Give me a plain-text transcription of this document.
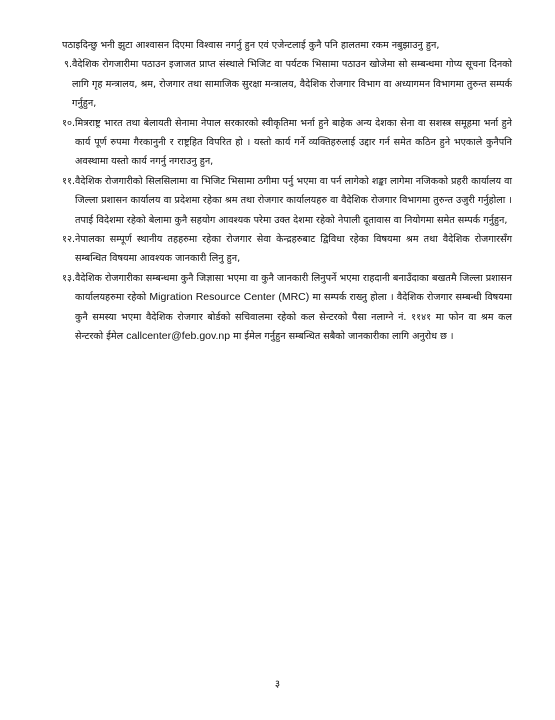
पठाइदिन्छु भनी झुटा आश्वासन दिएमा विश्वास नगर्नु हुन एवं एजेन्टलाई कुनै पनि हालतमा रकम नबुझाउनु हुन,

९. वैदेशिक रोगजारीमा पठाउन इजाजत प्राप्त संस्थाले भिजिट वा पर्यटक भिसामा पठाउन खोजेमा सो सम्बन्धमा गोप्य सूचना दिनको लागि गृह मन्त्रालय, श्रम, रोजगार तथा सामाजिक सुरक्षा मन्त्रालय, वैदेशिक रोजगार विभाग वा अध्यागमन विभागमा तुरुन्त सम्पर्क गर्नुहुन,
१०. मित्रराष्ट्र भारत तथा बेलायती सेनामा नेपाल सरकारको स्वीकृतिमा भर्ना हुने बाहेक अन्य देशका सेना वा सशस्त्र समूहमा भर्ना हुने कार्य पूर्ण रुपमा गैरकानुनी र राष्ट्रहित विपरित हो । यस्तो कार्य गर्ने व्यक्तिहरुलाई उद्दार गर्न समेत कठिन हुने भएकाले कुनैपनि अवस्थामा यस्तो कार्य नगर्नु नगराउनु हुन,
११. वैदेशिक रोजगारीको सिलसिलामा वा भिजिट भिसामा ठगीमा पर्नु भएमा वा पर्न लागेको शङ्का लागेमा नजिकको प्रहरी कार्यालय वा जिल्ला प्रशासन कार्यालय वा प्रदेशमा रहेका श्रम तथा रोजगार कार्यालयहरु वा वैदेशिक रोजगार विभागमा तुरुन्त उजुरी गर्नुहोला । तपाई विदेशमा रहेको बेलामा कुनै सहयोग आवश्यक परेमा उक्त देशमा रहेको नेपाली दूतावास वा नियोगमा समेत सम्पर्क गर्नुहुन,
१२. नेपालका सम्पूर्ण स्थानीय तहहरुमा रहेका रोजगार सेवा केन्द्रहरुबाट द्विविधा रहेका विषयमा श्रम तथा वैदेशिक रोजगारसँग सम्बन्धित विषयमा आवश्यक जानकारी लिनु हुन,
१३. वैदेशिक रोजगारीका सम्बन्धमा कुनै जिज्ञासा भएमा वा कुनै जानकारी लिनुपर्ने भएमा राहदानी बनाउँदाका बखतमै जिल्ला प्रशासन कार्यालयहरुमा रहेको Migration Resource Center (MRC) मा सम्पर्क राख्नु होला । वैदेशिक रोजगार सम्बन्धी विषयमा कुनै समस्या भएमा वैदेशिक रोजगार बोर्डको सचिवालमा रहेको कल सेन्टरको पैसा नलाग्ने नं. ११४१ मा फोन वा श्रम कल सेन्टरको ईमेल callcenter@feb.gov.np मा ईमेल गर्नुहुन सम्बन्धित सबैको जानकारीका लागि अनुरोध छ ।
३
